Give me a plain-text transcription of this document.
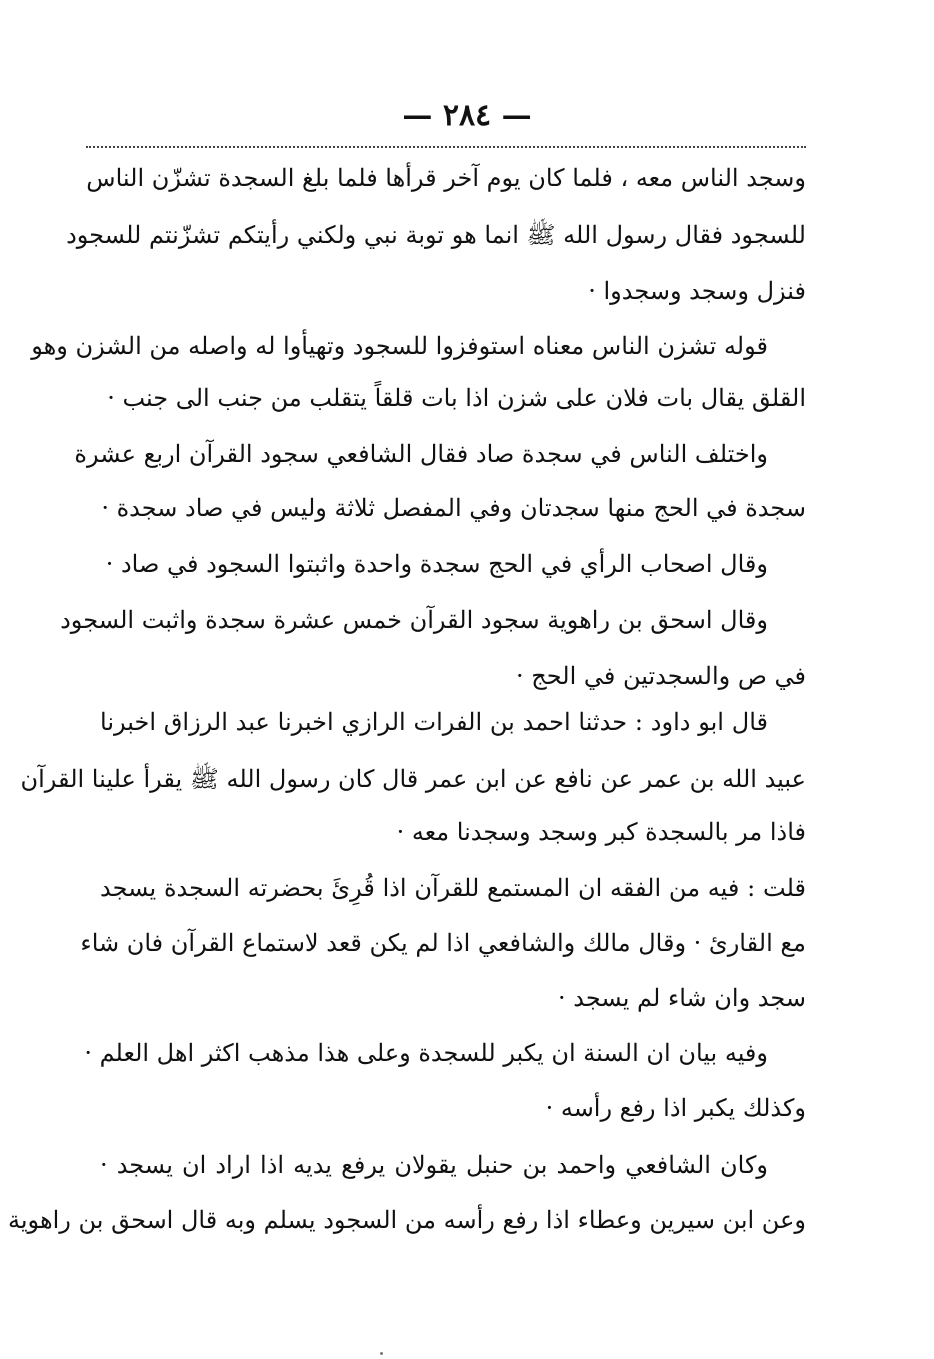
— ٢٨٤ —
وسجد الناس معه ، فلما كان يوم آخر قرأها فلما بلغ السجدة تشزّن الناس
للسجود فقال رسول الله ﷺ انما هو توبة نبي ولكني رأيتكم تشزّنتم للسجود
فنزل وسجد وسجدوا ·
قوله تشزن الناس معناه استوفزوا للسجود وتهيأوا له واصله من الشزن وهو
القلق يقال بات فلان على شزن اذا بات قلقاً يتقلب من جنب الى جنب ·
واختلف الناس في سجدة صاد فقال الشافعي سجود القرآن اربع عشرة
سجدة في الحج منها سجدتان وفي المفصل ثلاثة وليس في صاد سجدة ·
وقال اصحاب الرأي في الحج سجدة واحدة واثبتوا السجود في صاد ·
وقال اسحق بن راهوية سجود القرآن خمس عشرة سجدة واثبت السجود
في ص والسجدتين في الحج ·
قال ابو داود : حدثنا احمد بن الفرات الرازي اخبرنا عبد الرزاق اخبرنا
عبيد الله بن عمر عن نافع عن ابن عمر قال كان رسول الله ﷺ يقرأ علينا القرآن
فاذا مر بالسجدة كبر وسجد وسجدنا معه ·
قلت : فيه من الفقه ان المستمع للقرآن اذا قُرِئَ بحضرته السجدة يسجد
مع القارئ · وقال مالك والشافعي اذا لم يكن قعد لاستماع القرآن فان شاء
سجد وان شاء لم يسجد ·
وفيه بيان ان السنة ان يكبر للسجدة وعلى هذا مذهب اكثر اهل العلم ·
وكذلك يكبر اذا رفع رأسه ·
وكان الشافعي واحمد بن حنبل يقولان يرفع يديه اذا اراد ان يسجد ·
وعن ابن سيرين وعطاء اذا رفع رأسه من السجود يسلم وبه قال اسحق بن راهوية
